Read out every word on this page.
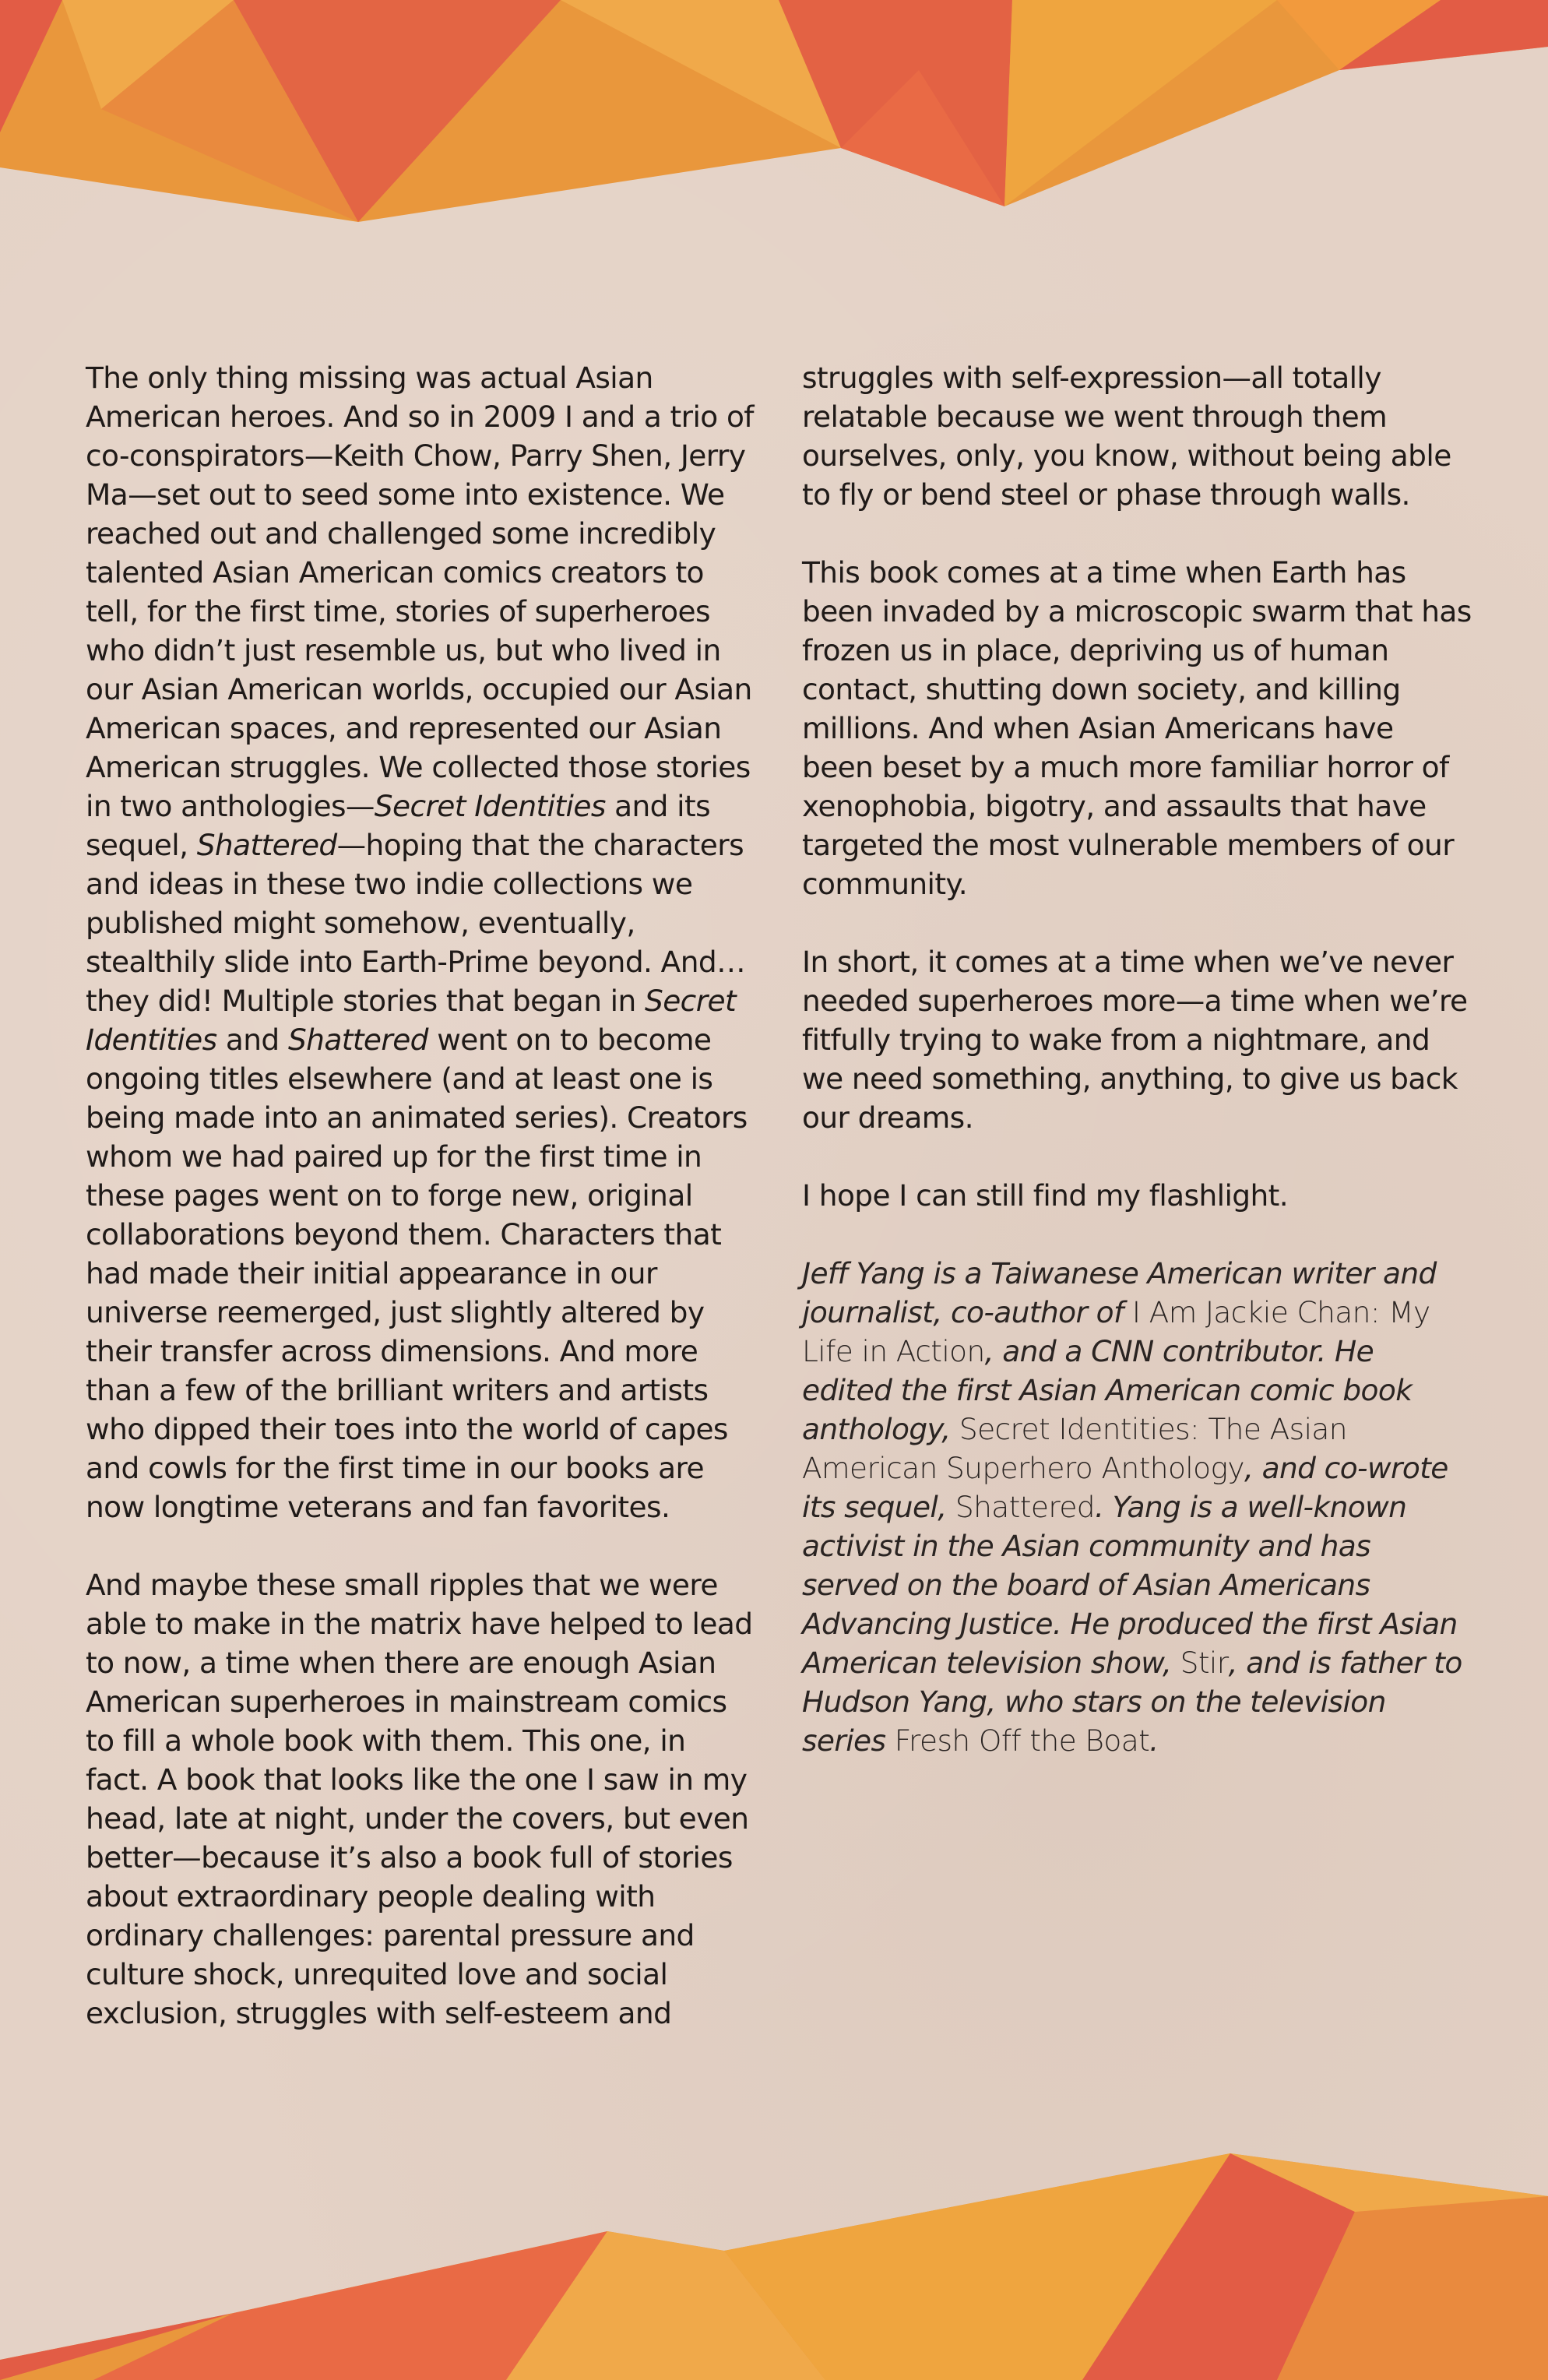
The only thing missing was actual Asian American heroes. And so in 2009 I and a trio of co-conspirators—Keith Chow, Parry Shen, Jerry Ma—set out to seed some into existence. We reached out and challenged some incredibly talented Asian American comics creators to tell, for the first time, stories of superheroes who didn’t just resemble us, but who lived in our Asian American worlds, occupied our Asian American spaces, and represented our Asian American struggles. We collected those stories in two anthologies—Secret Identities and its sequel, Shattered—hoping that the characters and ideas in these two indie collections we published might somehow, eventually, stealthily slide into Earth-Prime beyond. And…they did! Multiple stories that began in Secret Identities and Shattered went on to become ongoing titles elsewhere (and at least one is being made into an animated series). Creators whom we had paired up for the first time in these pages went on to forge new, original collaborations beyond them. Characters that had made their initial appearance in our universe reemerged, just slightly altered by their transfer across dimensions. And more than a few of the brilliant writers and artists who dipped their toes into the world of capes and cowls for the first time in our books are now longtime veterans and fan favorites.

And maybe these small ripples that we were able to make in the matrix have helped to lead to now, a time when there are enough Asian American superheroes in mainstream comics to fill a whole book with them. This one, in fact. A book that looks like the one I saw in my head, late at night, under the covers, but even better—because it’s also a book full of stories about extraordinary people dealing with ordinary challenges: parental pressure and culture shock, unrequited love and social exclusion, struggles with self-esteem and

struggles with self-expression—all totally relatable because we went through them ourselves, only, you know, without being able to fly or bend steel or phase through walls.

This book comes at a time when Earth has been invaded by a microscopic swarm that has frozen us in place, depriving us of human contact, shutting down society, and killing millions. And when Asian Americans have been beset by a much more familiar horror of xenophobia, bigotry, and assaults that have targeted the most vulnerable members of our community.

In short, it comes at a time when we’ve never needed superheroes more—a time when we’re fitfully trying to wake from a nightmare, and we need something, anything, to give us back our dreams.

I hope I can still find my flashlight.

Jeff Yang is a Taiwanese American writer and journalist, co-author of I Am Jackie Chan: My Life in Action, and a CNN contributor. He edited the first Asian American comic book anthology, Secret Identities: The Asian American Superhero Anthology, and co-wrote its sequel, Shattered. Yang is a well-known activist in the Asian community and has served on the board of Asian Americans Advancing Justice. He produced the first Asian American television show, Stir, and is father to Hudson Yang, who stars on the television series Fresh Off the Boat.
